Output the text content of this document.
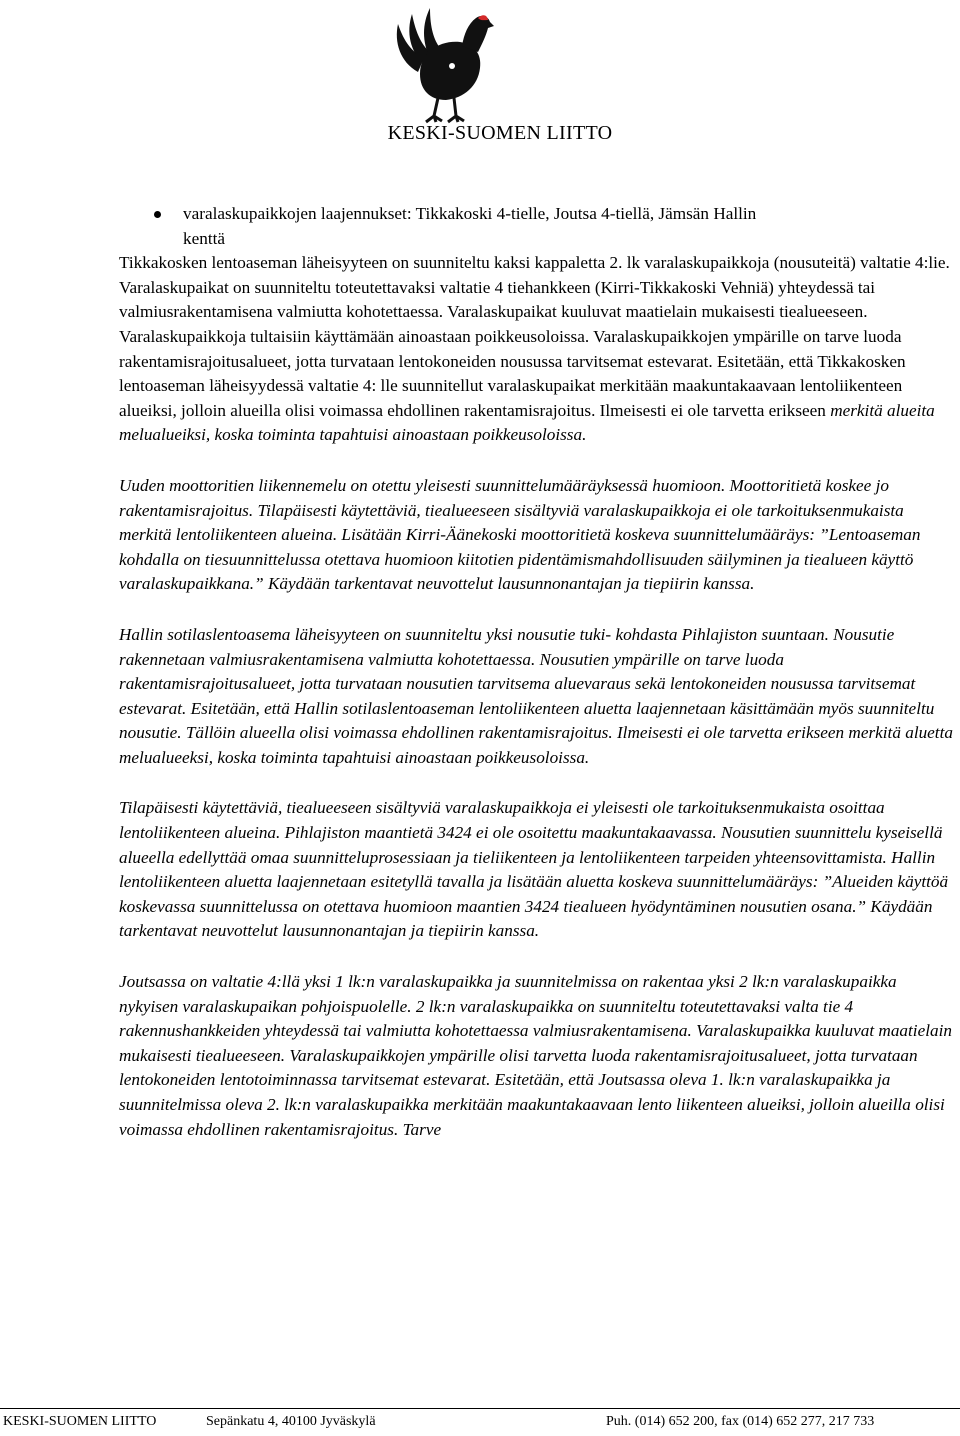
KESKI-SUOMEN LIITTO
varalaskupaikkojen laajennukset: Tikkakoski 4-tielle, Joutsa 4-tiellä, Jämsän Hallin
kenttä

Tikkakosken lentoaseman läheisyyteen on suunniteltu kaksi kappaletta 2. lk varalaskupaikkoja (nousuteitä) valtatie 4:lie. Varalaskupaikat on suunniteltu toteutettavaksi valtatie 4 tiehankkeen (Kirri-Tikkakoski Vehniä) yhteydessä tai valmiusrakentamisena valmiutta kohotettaessa. Varalaskupaikat kuuluvat maatielain mukaisesti tiealueeseen. Varalaskupaikkoja tultaisiin käyttämään ainoastaan poikkeusoloissa. Varalaskupaikkojen ympärille on tarve luoda rakentamisrajoitusalueet, jotta turvataan lentokoneiden nousussa tarvitsemat estevarat. Esitetään, että Tikkakosken lentoaseman läheisyydessä valtatie 4: lle suunnitellut varalaskupaikat merkitään maakuntakaavaan lentoliikenteen alueiksi, jolloin alueilla olisi voimassa ehdollinen rakentamisrajoitus. Ilmeisesti ei ole tarvetta erikseen merkitä alueita melualueiksi, koska toiminta tapahtuisi ainoastaan poikkeusoloissa.

Uuden moottoritien liikennemelu on otettu yleisesti suunnittelumääräyksessä huomioon. Moottoritietä koskee jo rakentamisrajoitus. Tilapäisesti käytettäviä, tiealueeseen sisältyviä varalaskupaikkoja ei ole tarkoituksenmukaista merkitä lentoliikenteen alueina. Lisätään Kirri-Äänekoski moottoritietä koskeva suunnittelumääräys: ”Lentoaseman kohdalla on tiesuunnittelussa otettava huomioon kiitotien pidentämismahdollisuuden säilyminen ja tiealueen käyttö varalaskupaikkana.” Käydään tarkentavat neuvottelut lausunnonantajan ja tiepiirin kanssa.

Hallin sotilaslentoasema läheisyyteen on suunniteltu yksi nousutie tuki- kohdasta Pihlajiston suuntaan. Nousutie rakennetaan valmiusrakentamisena valmiutta kohotettaessa. Nousutien ympärille on tarve luoda rakentamisrajoitusalueet, jotta turvataan nousutien tarvitsema aluevaraus sekä lentokoneiden nousussa tarvitsemat estevarat. Esitetään, että Hallin sotilaslentoaseman lentoliikenteen aluetta laajennetaan käsittämään myös suunniteltu nousutie. Tällöin alueella olisi voimassa ehdollinen rakentamisrajoitus. Ilmeisesti ei ole tarvetta erikseen merkitä aluetta melualueeksi, koska toiminta tapahtuisi ainoastaan poikkeusoloissa.

Tilapäisesti käytettäviä, tiealueeseen sisältyviä varalaskupaikkoja ei yleisesti ole tarkoituksenmukaista osoittaa lentoliikenteen alueina. Pihlajiston maantietä 3424 ei ole osoitettu maakuntakaavassa. Nousutien suunnittelu kyseisellä alueella edellyttää omaa suunnitteluprosessiaan ja tieliikenteen ja lentoliikenteen tarpeiden yhteensovittamista. Hallin lentoliikenteen aluetta laajennetaan esitetyllä tavalla ja lisätään aluetta koskeva suunnittelumääräys: ”Alueiden käyttöä koskevassa suunnittelussa on otettava huomioon maantien 3424 tiealueen hyödyntäminen nousutien osana.” Käydään tarkentavat neuvottelut lausunnonantajan ja tiepiirin kanssa.

Joutsassa on valtatie 4:llä yksi 1 lk:n varalaskupaikka ja suunnitelmissa on rakentaa yksi 2 lk:n varalaskupaikka nykyisen varalaskupaikan pohjoispuolelle. 2 lk:n varalaskupaikka on suunniteltu toteutettavaksi valta tie 4 rakennushankkeiden yhteydessä tai valmiutta kohotettaessa valmiusrakentamisena. Varalaskupaikka kuuluvat maatielain mukaisesti tiealueeseen. Varalaskupaikkojen ympärille olisi tarvetta luoda rakentamisrajoitusalueet, jotta turvataan lentokoneiden lentotoiminnassa tarvitsemat estevarat. Esitetään, että Joutsassa oleva 1. lk:n varalaskupaikka ja suunnitelmissa oleva 2. lk:n varalaskupaikka merkitään maakuntakaavaan lento liikenteen alueiksi, jolloin alueilla olisi voimassa ehdollinen rakentamisrajoitus. Tarve

KESKI-SUOMEN LIITTO	Sepänkatu 4, 40100 Jyväskylä	Puh. (014) 652 200, fax (014) 652 277, 217 733
